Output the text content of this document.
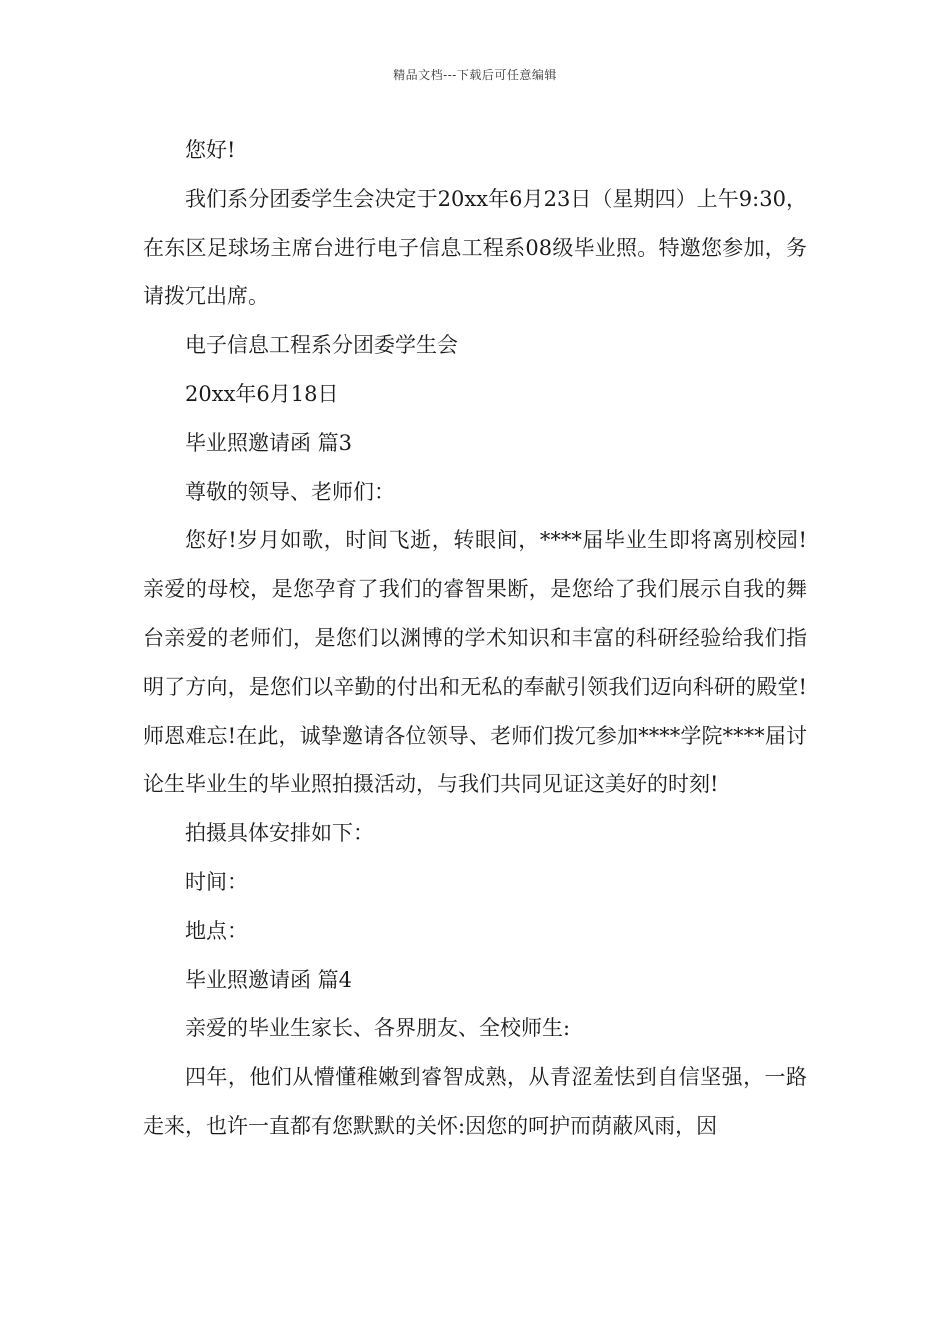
精品文档---下载后可任意编辑

您好!

我们系分团委学生会决定于20xx年6月23日（星期四）上午9:30，在东区足球场主席台进行电子信息工程系08级毕业照。特邀您参加，务请拨冗出席。

电子信息工程系分团委学生会

20xx年6月18日

毕业照邀请函 篇3

尊敬的领导、老师们：

您好!岁月如歌，时间飞逝，转眼间，****届毕业生即将离别校园!亲爱的母校，是您孕育了我们的睿智果断，是您给了我们展示自我的舞台亲爱的老师们，是您们以渊博的学术知识和丰富的科研经验给我们指明了方向，是您们以辛勤的付出和无私的奉献引领我们迈向科研的殿堂!师恩难忘!在此，诚挚邀请各位领导、老师们拨冗参加****学院****届讨论生毕业生的毕业照拍摄活动，与我们共同见证这美好的时刻!

拍摄具体安排如下：

时间：

地点：

毕业照邀请函 篇4

亲爱的毕业生家长、各界朋友、全校师生:

四年，他们从懵懂稚嫩到睿智成熟，从青涩羞怯到自信坚强，一路走来，也许一直都有您默默的关怀:因您的呵护而荫蔽风雨，因
